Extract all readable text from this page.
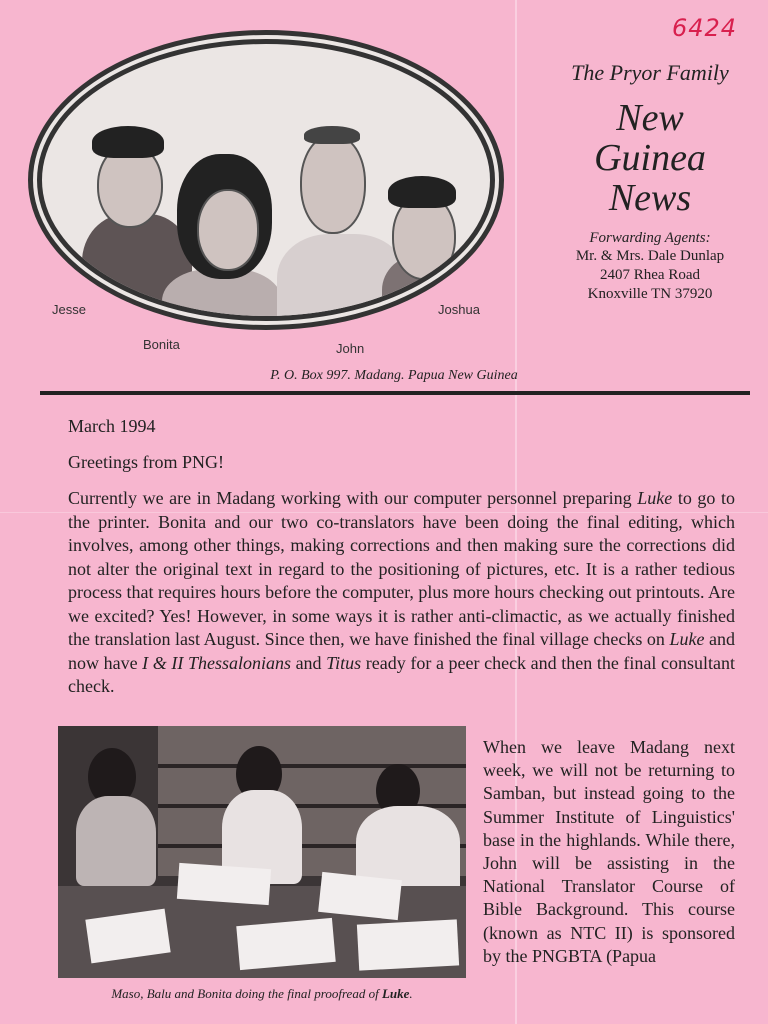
6424
Jesse
Bonita	John
Joshua

The Pryor Family

New
Guinea
News

Forwarding Agents:

Mr. & Mrs. Dale Dunlap

2407 Rhea Road

Knoxville TN 37920

P. O. Box 997. Madang. Papua New Guinea
March 1994
Greetings from PNG!

Currently we are in Madang working with our computer personnel preparing Luke to go to the printer. Bonita and our two co-translators have been doing the final editing, which involves, among other things, making corrections and then making sure the corrections did not alter the original text in regard to the positioning of pictures, etc. It is a rather tedious process that requires hours before the computer, plus more hours checking out printouts. Are we excited? Yes! However, in some ways it is rather anti-climactic, as we actually finished the translation last August. Since then, we have finished the final village checks on Luke and now have I & II Thessalonians and Titus ready for a peer check and then the final consultant check.

Maso, Balu and Bonita doing the final proofread of Luke.

When we leave Madang next week, we will not be returning to Samban, but instead going to the Summer Institute of Linguistics' base in the highlands. While there, John will be assisting in the National Translator Course of Bible Background. This course (known as NTC II) is sponsored by the PNGBTA (Papua
